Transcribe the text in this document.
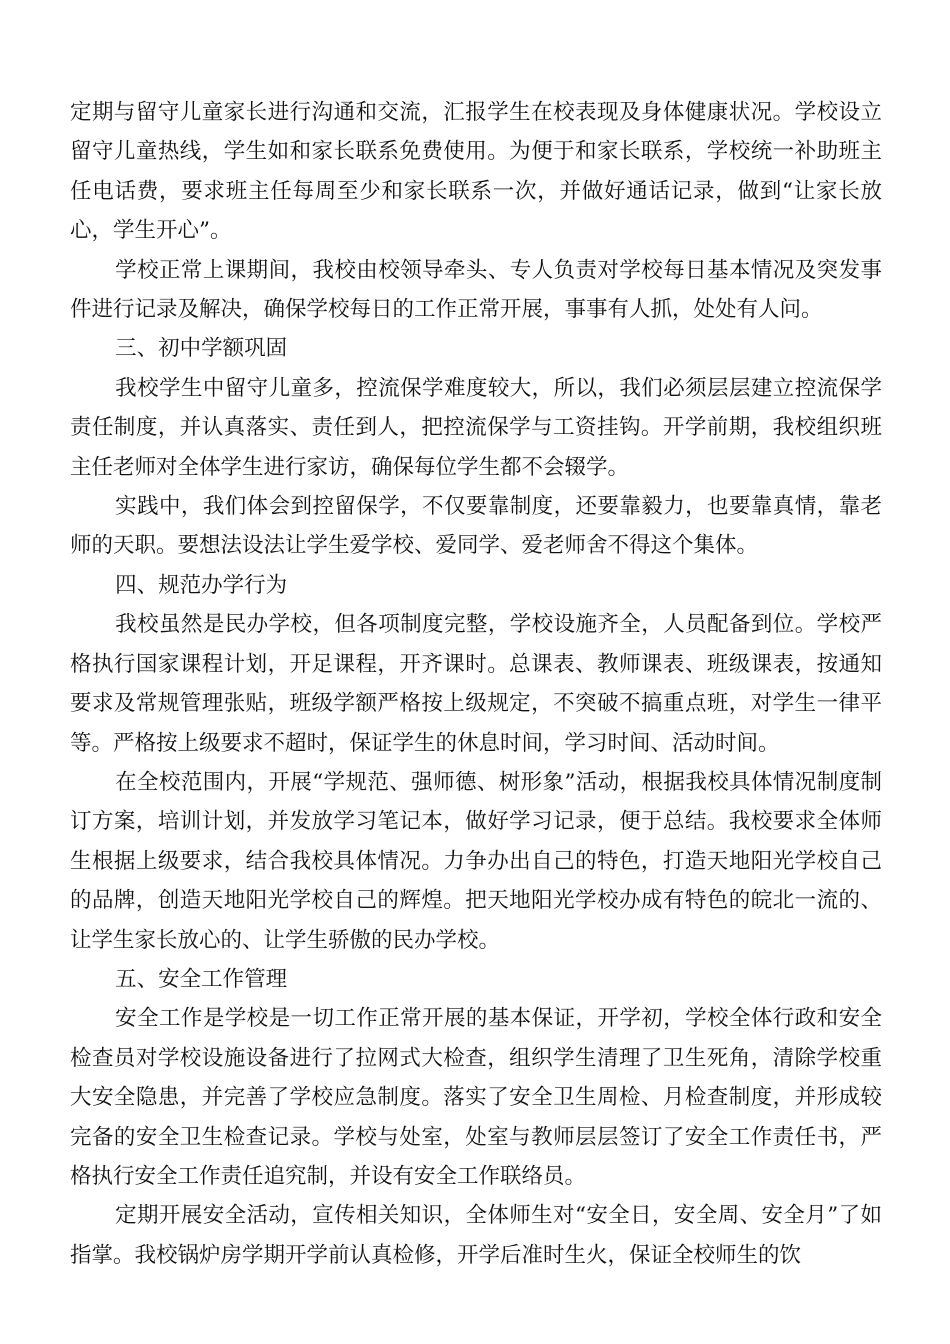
定期与留守儿童家长进行沟通和交流，汇报学生在校表现及身体健康状况。学校设立留守儿童热线，学生如和家长联系免费使用。为便于和家长联系，学校统一补助班主任电话费，要求班主任每周至少和家长联系一次，并做好通话记录，做到“让家长放心，学生开心”。

学校正常上课期间，我校由校领导牵头、专人负责对学校每日基本情况及突发事件进行记录及解决，确保学校每日的工作正常开展，事事有人抓，处处有人问。

三、初中学额巩固

我校学生中留守儿童多，控流保学难度较大，所以，我们必须层层建立控流保学责任制度，并认真落实、责任到人，把控流保学与工资挂钩。开学前期，我校组织班主任老师对全体学生进行家访，确保每位学生都不会辍学。

实践中，我们体会到控留保学，不仅要靠制度，还要靠毅力，也要靠真情，靠老师的天职。要想法设法让学生爱学校、爱同学、爱老师舍不得这个集体。

四、规范办学行为

我校虽然是民办学校，但各项制度完整，学校设施齐全，人员配备到位。学校严格执行国家课程计划，开足课程，开齐课时。总课表、教师课表、班级课表，按通知要求及常规管理张贴，班级学额严格按上级规定，不突破不搞重点班，对学生一律平等。严格按上级要求不超时，保证学生的休息时间，学习时间、活动时间。

在全校范围内，开展“学规范、强师德、树形象”活动，根据我校具体情况制度制订方案，培训计划，并发放学习笔记本，做好学习记录，便于总结。我校要求全体师生根据上级要求，结合我校具体情况。力争办出自己的特色，打造天地阳光学校自己的品牌，创造天地阳光学校自己的辉煌。把天地阳光学校办成有特色的皖北一流的、让学生家长放心的、让学生骄傲的民办学校。

五、安全工作管理

安全工作是学校是一切工作正常开展的基本保证，开学初，学校全体行政和安全检查员对学校设施设备进行了拉网式大检查，组织学生清理了卫生死角，清除学校重大安全隐患，并完善了学校应急制度。落实了安全卫生周检、月检查制度，并形成较完备的安全卫生检查记录。学校与处室，处室与教师层层签订了安全工作责任书，严格执行安全工作责任追究制，并设有安全工作联络员。

定期开展安全活动，宣传相关知识，全体师生对“安全日，安全周、安全月”了如指掌。我校锅炉房学期开学前认真检修，开学后准时生火，保证全校师生的饮
